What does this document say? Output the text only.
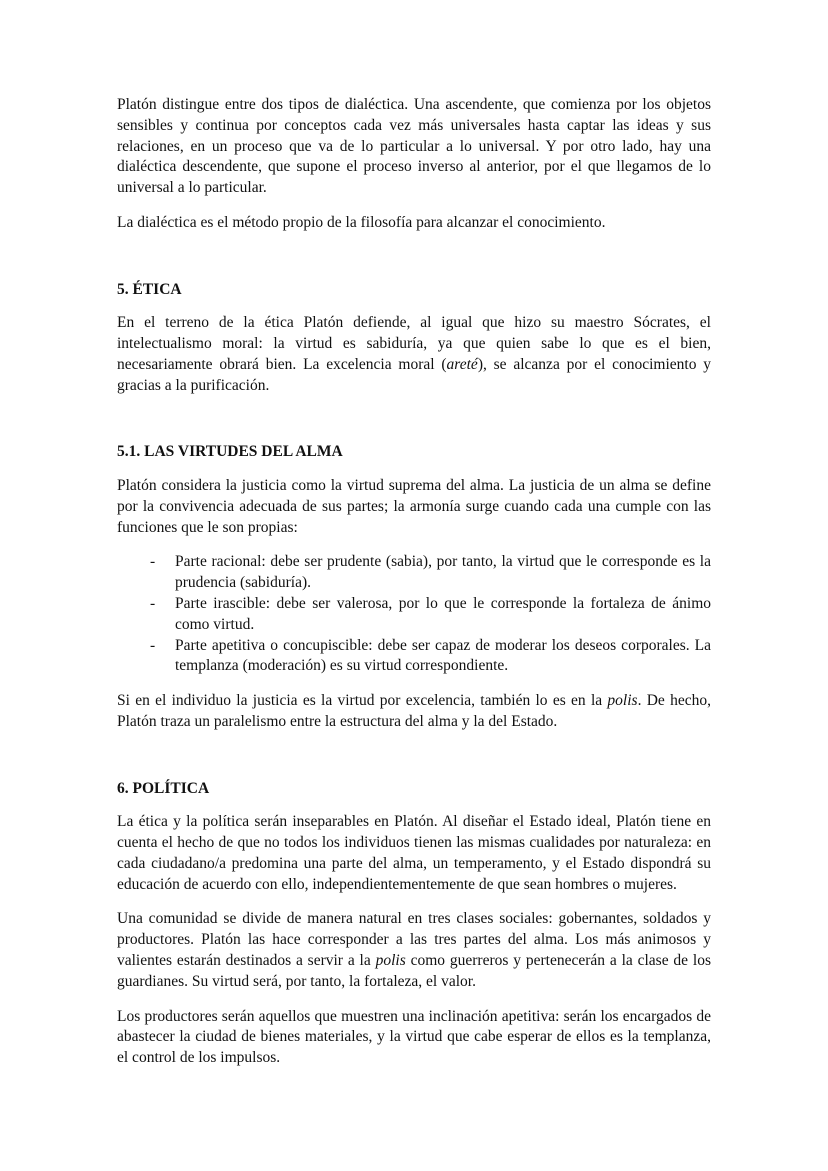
Platón distingue entre dos tipos de dialéctica. Una ascendente, que comienza por los objetos sensibles y continua por conceptos cada vez más universales hasta captar las ideas y sus relaciones, en un proceso que va de lo particular a lo universal. Y por otro lado, hay una dialéctica descendente, que supone el proceso inverso al anterior, por el que llegamos de lo universal a lo particular.

La dialéctica es el método propio de la filosofía para alcanzar el conocimiento.

5. ÉTICA

En el terreno de la ética Platón defiende, al igual que hizo su maestro Sócrates, el intelectualismo moral: la virtud es sabiduría, ya que quien sabe lo que es el bien, necesariamente obrará bien. La excelencia moral (areté), se alcanza por el conocimiento y gracias a la purificación.

5.1. LAS VIRTUDES DEL ALMA

Platón considera la justicia como la virtud suprema del alma. La justicia de un alma se define por la convivencia adecuada de sus partes; la armonía surge cuando cada una cumple con las funciones que le son propias:

-	Parte racional: debe ser prudente (sabia), por tanto, la virtud que le corresponde es la prudencia (sabiduría).
-	Parte irascible: debe ser valerosa, por lo que le corresponde la fortaleza de ánimo como virtud.
-	Parte apetitiva o concupiscible: debe ser capaz de moderar los deseos corporales. La templanza (moderación) es su virtud correspondiente.

Si en el individuo la justicia es la virtud por excelencia, también lo es en la polis. De hecho, Platón traza un paralelismo entre la estructura del alma y la del Estado.

6. POLÍTICA

La ética y la política serán inseparables en Platón. Al diseñar el Estado ideal, Platón tiene en cuenta el hecho de que no todos los individuos tienen las mismas cualidades por naturaleza: en cada ciudadano/a predomina una parte del alma, un temperamento, y el Estado dispondrá su educación de acuerdo con ello, independientementemente de que sean hombres o mujeres.

Una comunidad se divide de manera natural en tres clases sociales: gobernantes, soldados y productores. Platón las hace corresponder a las tres partes del alma. Los más animosos y valientes estarán destinados a servir a la polis como guerreros y pertenecerán a la clase de los guardianes. Su virtud será, por tanto, la fortaleza, el valor.

Los productores serán aquellos que muestren una inclinación apetitiva: serán los encargados de abastecer la ciudad de bienes materiales, y la virtud que cabe esperar de ellos es la templanza, el control de los impulsos.
